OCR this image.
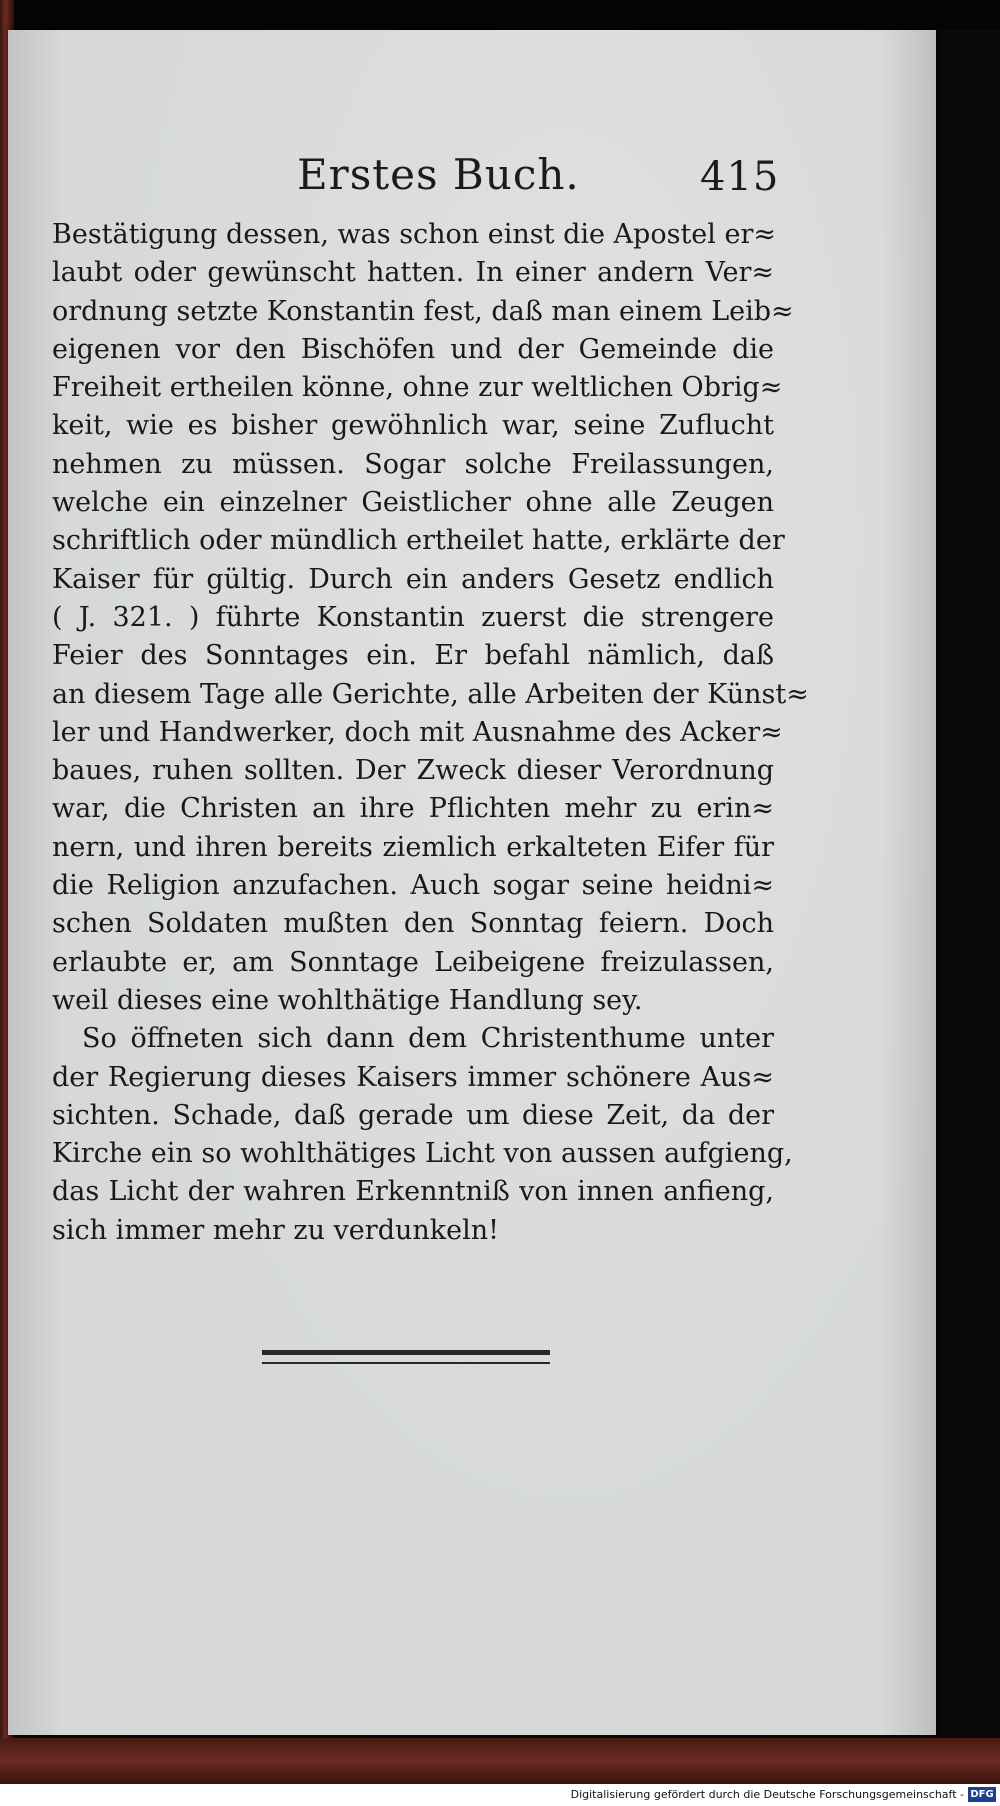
Erstes Buch.	415
Bestätigung dessen, was schon einst die Apostel er≈
laubt oder gewünscht hatten. In einer andern Ver≈
ordnung setzte Konstantin fest, daß man einem Leib≈
eigenen vor den Bischöfen und der Gemeinde die
Freiheit ertheilen könne, ohne zur weltlichen Obrig≈
keit, wie es bisher gewöhnlich war, seine Zuflucht
nehmen zu müssen. Sogar solche Freilassungen,
welche ein einzelner Geistlicher ohne alle Zeugen
schriftlich oder mündlich ertheilet hatte, erklärte der
Kaiser für gültig. Durch ein anders Gesetz endlich
( J. 321. ) führte Konstantin zuerst die strengere
Feier des Sonntages ein. Er befahl nämlich, daß
an diesem Tage alle Gerichte, alle Arbeiten der Künst≈
ler und Handwerker, doch mit Ausnahme des Acker≈
baues, ruhen sollten. Der Zweck dieser Verordnung
war, die Christen an ihre Pflichten mehr zu erin≈
nern, und ihren bereits ziemlich erkalteten Eifer für
die Religion anzufachen. Auch sogar seine heidni≈
schen Soldaten mußten den Sonntag feiern. Doch
erlaubte er, am Sonntage Leibeigene freizulassen,
weil dieses eine wohlthätige Handlung sey.
So öffneten sich dann dem Christenthume unter
der Regierung dieses Kaisers immer schönere Aus≈
sichten. Schade, daß gerade um diese Zeit, da der
Kirche ein so wohlthätiges Licht von aussen aufgieng,
das Licht der wahren Erkenntniß von innen anfieng,
sich immer mehr zu verdunkeln!
Digitalisierung gefördert durch die Deutsche Forschungsgemeinschaft - DFG
